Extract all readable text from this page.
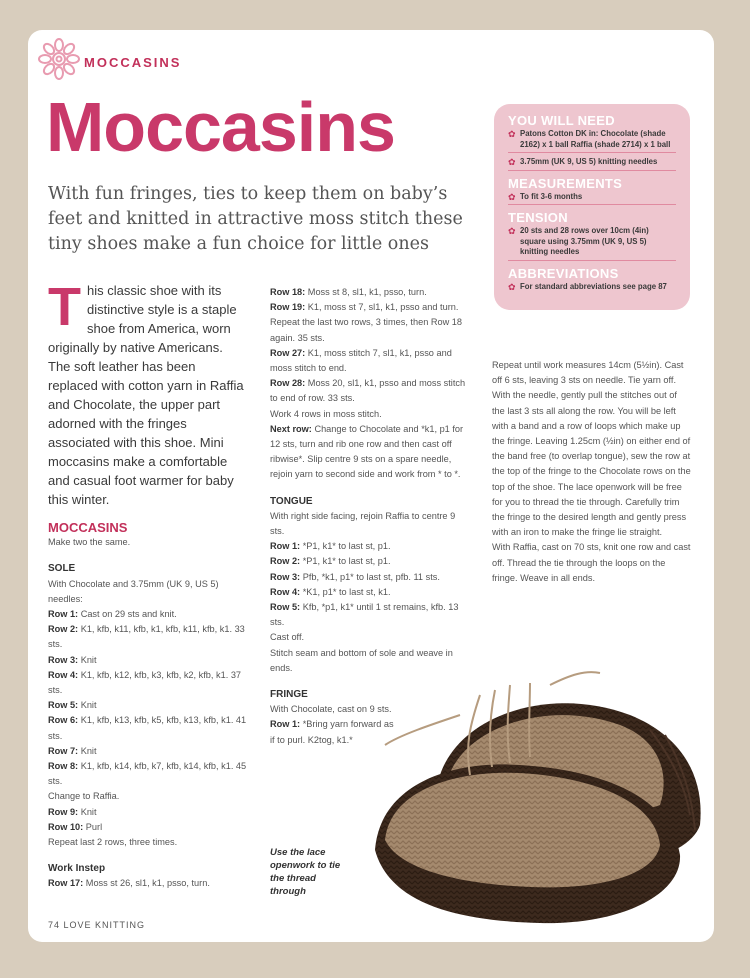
MOCCASINS
Moccasins
With fun fringes, ties to keep them on baby’s feet and knitted in attractive moss stitch these tiny shoes make a fun choice for little ones
This classic shoe with its distinctive style is a staple shoe from America, worn originally by native Americans. The soft leather has been replaced with cotton yarn in Raffia and Chocolate, the upper part adorned with the fringes associated with this shoe. Mini moccasins make a comfortable and casual foot warmer for baby this winter.
YOU WILL NEED
✿ Patons Cotton DK in: Chocolate (shade 2162) x 1 ball Raffia (shade 2714) x 1 ball
✿ 3.75mm (UK 9, US 5) knitting needles
MEASUREMENTS
✿ To fit 3-6 months
TENSION
✿ 20 sts and 28 rows over 10cm (4in) square using 3.75mm (UK 9, US 5) knitting needles
ABBREVIATIONS
✿ For standard abbreviations see page 87

MOCCASINS

Make two the same.

SOLE

With Chocolate and 3.75mm (UK 9, US 5) needles:

Row 1: Cast on 29 sts and knit.

Row 2: K1, kfb, k11, kfb, k1, kfb, k11, kfb, k1. 33 sts.

Row 3: Knit

Row 4: K1, kfb, k12, kfb, k3, kfb, k2, kfb, k1. 37 sts.

Row 5: Knit

Row 6: K1, kfb, k13, kfb, k5, kfb, k13, kfb, k1. 41 sts.

Row 7: Knit

Row 8: K1, kfb, k14, kfb, k7, kfb, k14, kfb, k1. 45 sts.

Change to Raffia.

Row 9: Knit

Row 10: Purl

Repeat last 2 rows, three times.

Work Instep

Row 17: Moss st 26, sl1, k1, psso, turn.

Row 18: Moss st 8, sl1, k1, psso, turn.

Row 19: K1, moss st 7, sl1, k1, psso and turn. Repeat the last two rows, 3 times, then Row 18 again. 35 sts.

Row 27: K1, moss stitch 7, sl1, k1, psso and moss stitch to end.

Row 28: Moss 20, sl1, k1, psso and moss stitch to end of row. 33 sts.

Work 4 rows in moss stitch.

Next row: Change to Chocolate and *k1, p1 for 12 sts, turn and rib one row and then cast off ribwise*. Slip centre 9 sts on a spare needle, rejoin yarn to second side and work from * to *.

TONGUE

With right side facing, rejoin Raffia to centre 9 sts.

Row 1: *P1, k1* to last st, p1.

Row 2: *P1, k1* to last st, p1.

Row 3: Pfb, *k1, p1* to last st, pfb. 11 sts.

Row 4: *K1, p1* to last st, k1.

Row 5: Kfb, *p1, k1* until 1 st remains, kfb. 13 sts.

Cast off.

Stitch seam and bottom of sole and weave in ends.

FRINGE

With Chocolate, cast on 9 sts.

Row 1: *Bring yarn forward as if to purl. K2tog, k1.*

Repeat until work measures 14cm (5½in). Cast off 6 sts, leaving 3 sts on needle. Tie yarn off. With the needle, gently pull the stitches out of the last 3 sts all along the row. You will be left with a band and a row of loops which make up the fringe. Leaving 1.25cm (½in) on either end of the band free (to overlap tongue), sew the row at the top of the fringe to the Chocolate rows on the top of the shoe. The lace openwork will be free for you to thread the tie through. Carefully trim the fringe to the desired length and gently press with an iron to make the fringe lie straight.

With Raffia, cast on 70 sts, knit one row and cast off. Thread the tie through the loops on the fringe. Weave in all ends.

Use the lace openwork to tie the thread through
74 LOVE KNITTING
